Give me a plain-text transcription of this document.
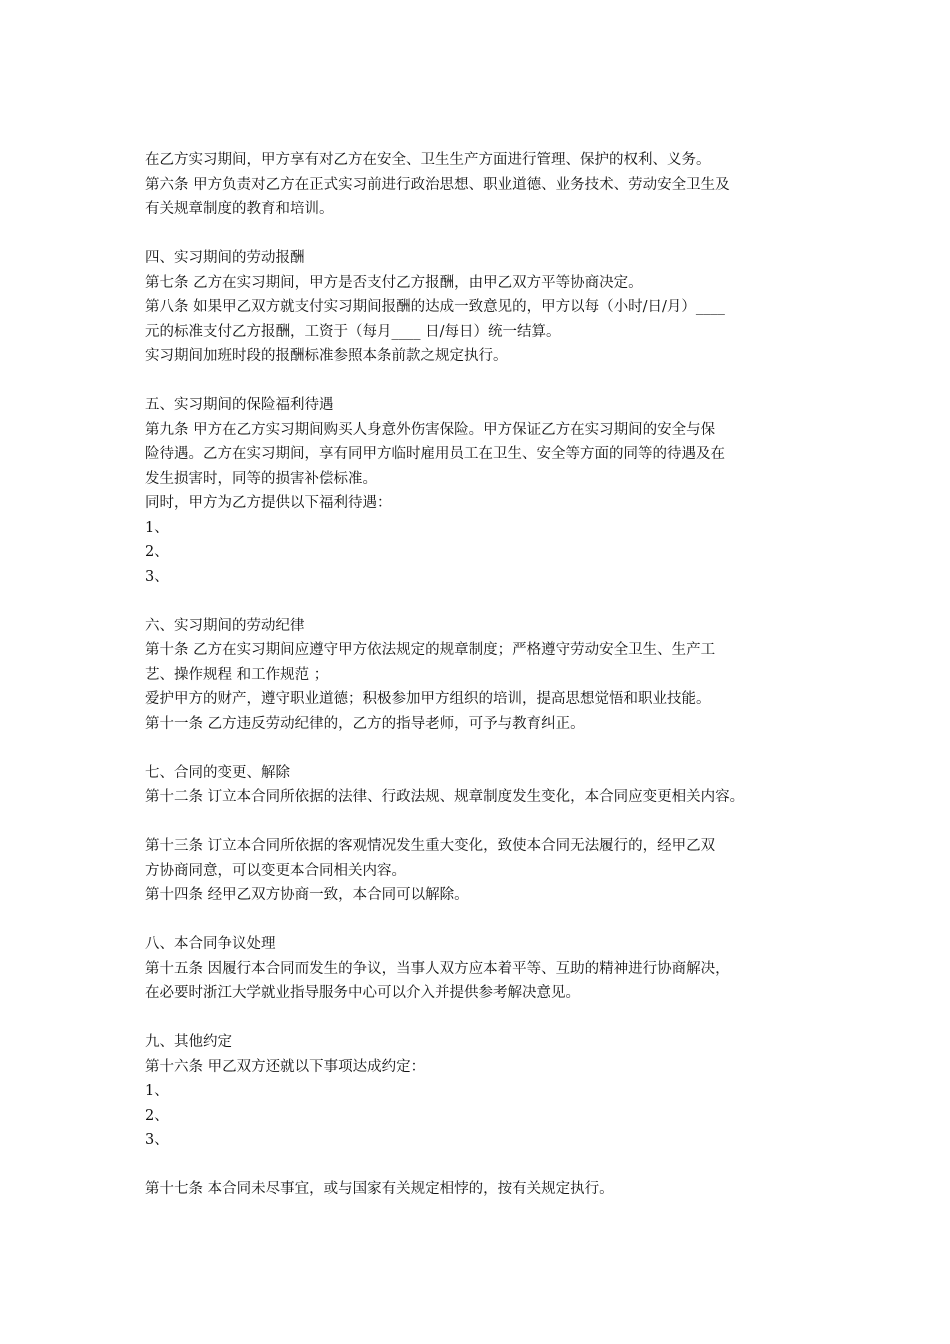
在乙方实习期间，甲方享有对乙方在安全、卫生生产方面进行管理、保护的权利、义务。
第六条 甲方负责对乙方在正式实习前进行政治思想、职业道德、业务技术、劳动安全卫生及
有关规章制度的教育和培训。
四、实习期间的劳动报酬
第七条 乙方在实习期间，甲方是否支付乙方报酬，由甲乙双方平等协商决定。
第八条 如果甲乙双方就支付实习期间报酬的达成一致意见的，甲方以每（小时/日/月）____
元的标准支付乙方报酬，工资于（每月____ 日/每日）统一结算。
实习期间加班时段的报酬标准参照本条前款之规定执行。
五、实习期间的保险福利待遇
第九条 甲方在乙方实习期间购买人身意外伤害保险。甲方保证乙方在实习期间的安全与保
险待遇。乙方在实习期间，享有同甲方临时雇用员工在卫生、安全等方面的同等的待遇及在
发生损害时，同等的损害补偿标准。
同时，甲方为乙方提供以下福利待遇：
1、
2、
3、
六、实习期间的劳动纪律
第十条 乙方在实习期间应遵守甲方依法规定的规章制度；严格遵守劳动安全卫生、生产工
艺、操作规程 和工作规范 ；
爱护甲方的财产，遵守职业道德；积极参加甲方组织的培训，提高思想觉悟和职业技能。
第十一条 乙方违反劳动纪律的，乙方的指导老师，可予与教育纠正。
七、合同的变更、解除
第十二条 订立本合同所依据的法律、行政法规、规章制度发生变化，本合同应变更相关内容。
第十三条 订立本合同所依据的客观情况发生重大变化，致使本合同无法履行的，经甲乙双
方协商同意，可以变更本合同相关内容。
第十四条 经甲乙双方协商一致，本合同可以解除。
八、本合同争议处理
第十五条 因履行本合同而发生的争议，当事人双方应本着平等、互助的精神进行协商解决，
在必要时浙江大学就业指导服务中心可以介入并提供参考解决意见。
九、其他约定
第十六条 甲乙双方还就以下事项达成约定：
1、
2、
3、
第十七条 本合同未尽事宜，或与国家有关规定相悖的，按有关规定执行。
